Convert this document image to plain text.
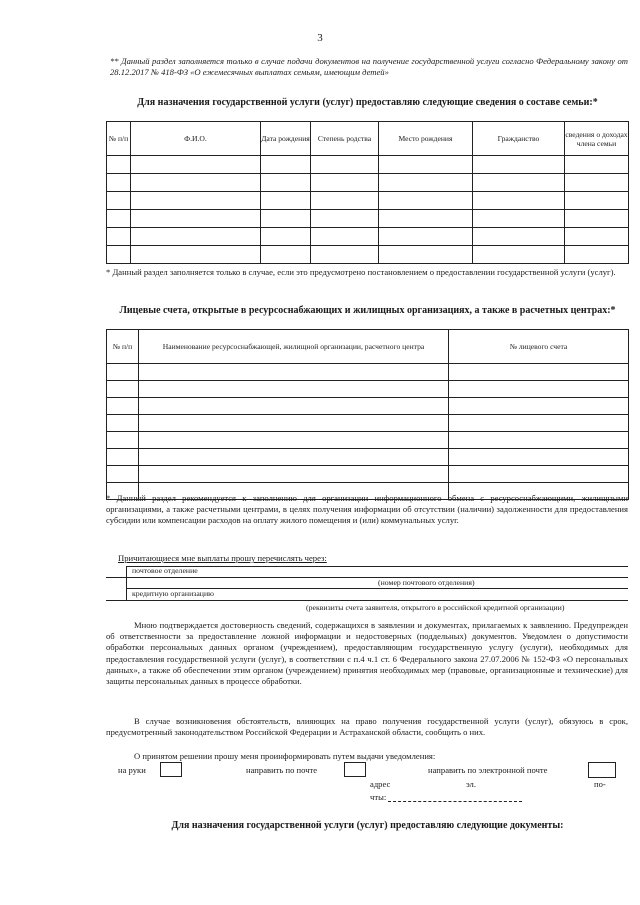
3
** Данный раздел заполняется только в случае подачи документов на получение государственной услуги согласно Федеральному закону от 28.12.2017 № 418-ФЗ «О ежемесячных выплатах семьям, имеющим детей»
Для назначения государственной услуги (услуг) предоставляю следующие сведения о составе семьи:*
№ п/п	Ф.И.О.	Дата рождения	Степень родства	Место рождения	Гражданство	сведения о доходах члена семьи

* Данный раздел заполняется только в случае, если это предусмотрено постановлением о предоставлении государственной услуги (услуг).
Лицевые счета, открытые в ресурсоснабжающих и жилищных организациях, а также в расчетных центрах:*
№ п/п	Наименование ресурсоснабжающей, жилищной организации, расчетного центра	№ лицевого счета

* Данный раздел рекомендуется к заполнению для организации информационного обмена с ресурсоснабжающими, жилищными организациями, а также расчетными центрами, в целях получения информации об отсутствии (наличии) задолженности для предоставления субсидии или компенсации расходов на оплату жилого помещения и (или) коммунальных услуг.
Причитающиеся мне выплаты прошу перечислять через:
почтовое отделение
(номер почтового отделения)
кредитную организацию
(реквизиты счета заявителя, открытого в российской кредитной организации)
Мною подтверждается достоверность сведений, содержащихся в заявлении и документах, прилагаемых к заявлению. Предупрежден об ответственности за предоставление ложной информации и недостоверных (поддельных) документов. Уведомлен о допустимости обработки персональных данных органом (учреждением), предоставляющим государственную услугу (услуги), необходимых для предоставления государственной услуги (услуг), в соответствии с п.4 ч.1 ст. 6 Федерального закона 27.07.2006 № 152-ФЗ «О персональных данных», а также об обеспечении этим органом (учреждением) принятия необходимых мер (правовые, организационные и технические) для защиты персональных данных в процессе обработки.
В случае возникновения обстоятельств, влияющих на право получения государственной услуги (услуг), обязуюсь в срок, предусмотренный законодательством Российской Федерации и Астраханской области, сообщить о них.
О принятом решении прошу меня проинформировать путем выдачи уведомления:
на руки	направить по почте	направить по электронной почте
адрес	эл.	по-
чты:
Для назначения государственной услуги (услуг) предоставляю следующие документы:
